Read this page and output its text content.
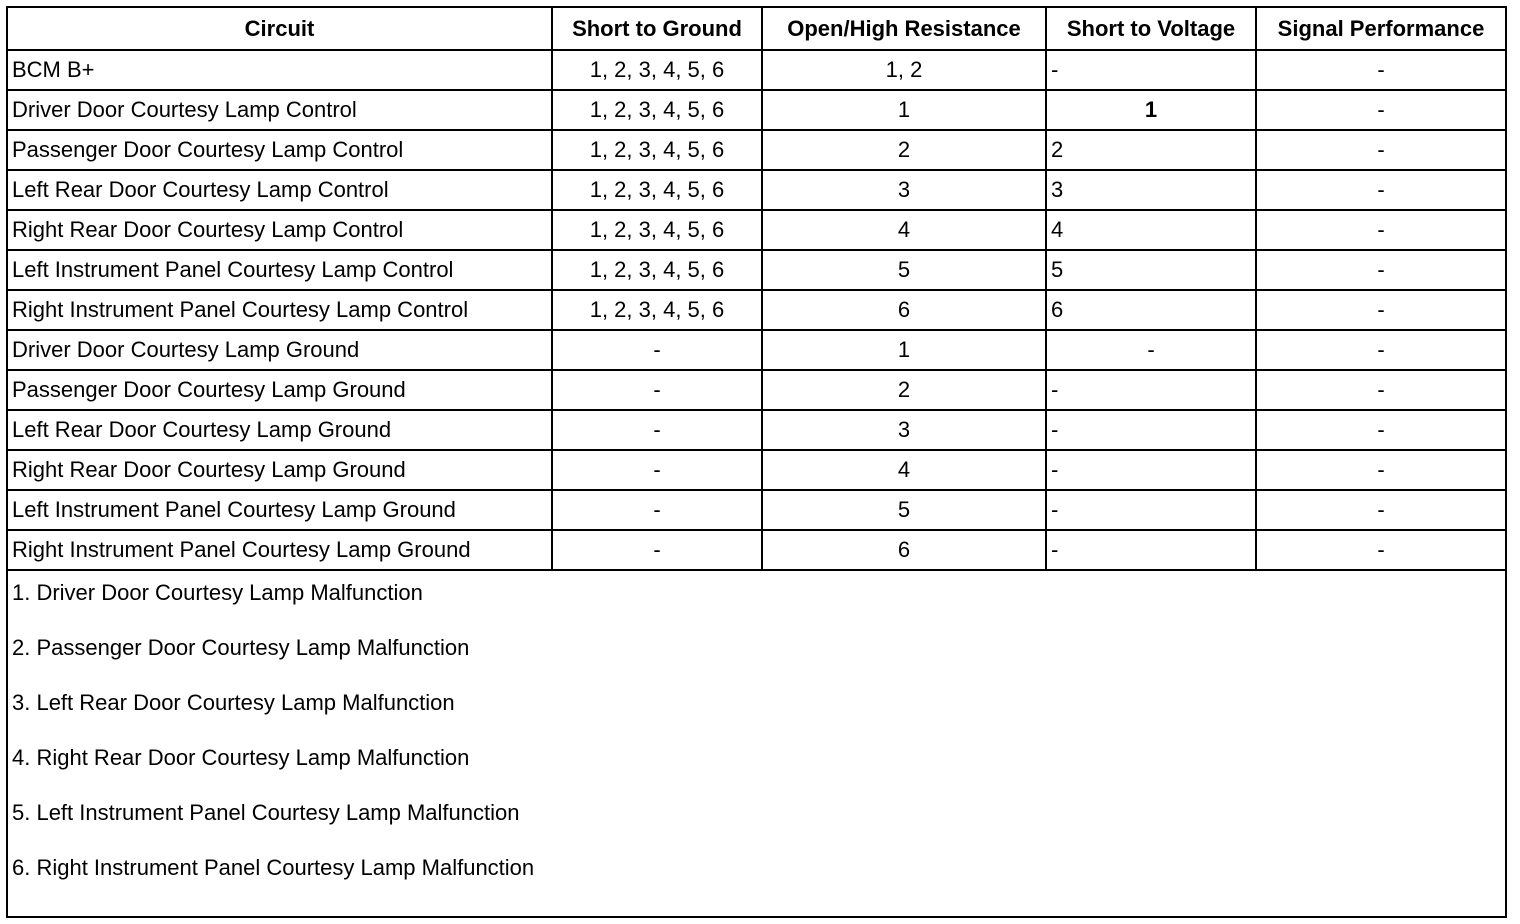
Circuit	Short to Ground	Open/High Resistance	Short to Voltage	Signal Performance
BCM B+	1, 2, 3, 4, 5, 6	1, 2	-	-
Driver Door Courtesy Lamp Control	1, 2, 3, 4, 5, 6	1	1	-
Passenger Door Courtesy Lamp Control	1, 2, 3, 4, 5, 6	2	2	-
Left Rear Door Courtesy Lamp Control	1, 2, 3, 4, 5, 6	3	3	-
Right Rear Door Courtesy Lamp Control	1, 2, 3, 4, 5, 6	4	4	-
Left Instrument Panel Courtesy Lamp Control	1, 2, 3, 4, 5, 6	5	5	-
Right Instrument Panel Courtesy Lamp Control	1, 2, 3, 4, 5, 6	6	6	-
Driver Door Courtesy Lamp Ground	-	1	-	-
Passenger Door Courtesy Lamp Ground	-	2	-	-
Left Rear Door Courtesy Lamp Ground	-	3	-	-
Right Rear Door Courtesy Lamp Ground	-	4	-	-
Left Instrument Panel Courtesy Lamp Ground	-	5	-	-
Right Instrument Panel Courtesy Lamp Ground	-	6	-	-
1. Driver Door Courtesy Lamp Malfunction
2. Passenger Door Courtesy Lamp Malfunction
3. Left Rear Door Courtesy Lamp Malfunction
4. Right Rear Door Courtesy Lamp Malfunction
5. Left Instrument Panel Courtesy Lamp Malfunction
6. Right Instrument Panel Courtesy Lamp Malfunction
